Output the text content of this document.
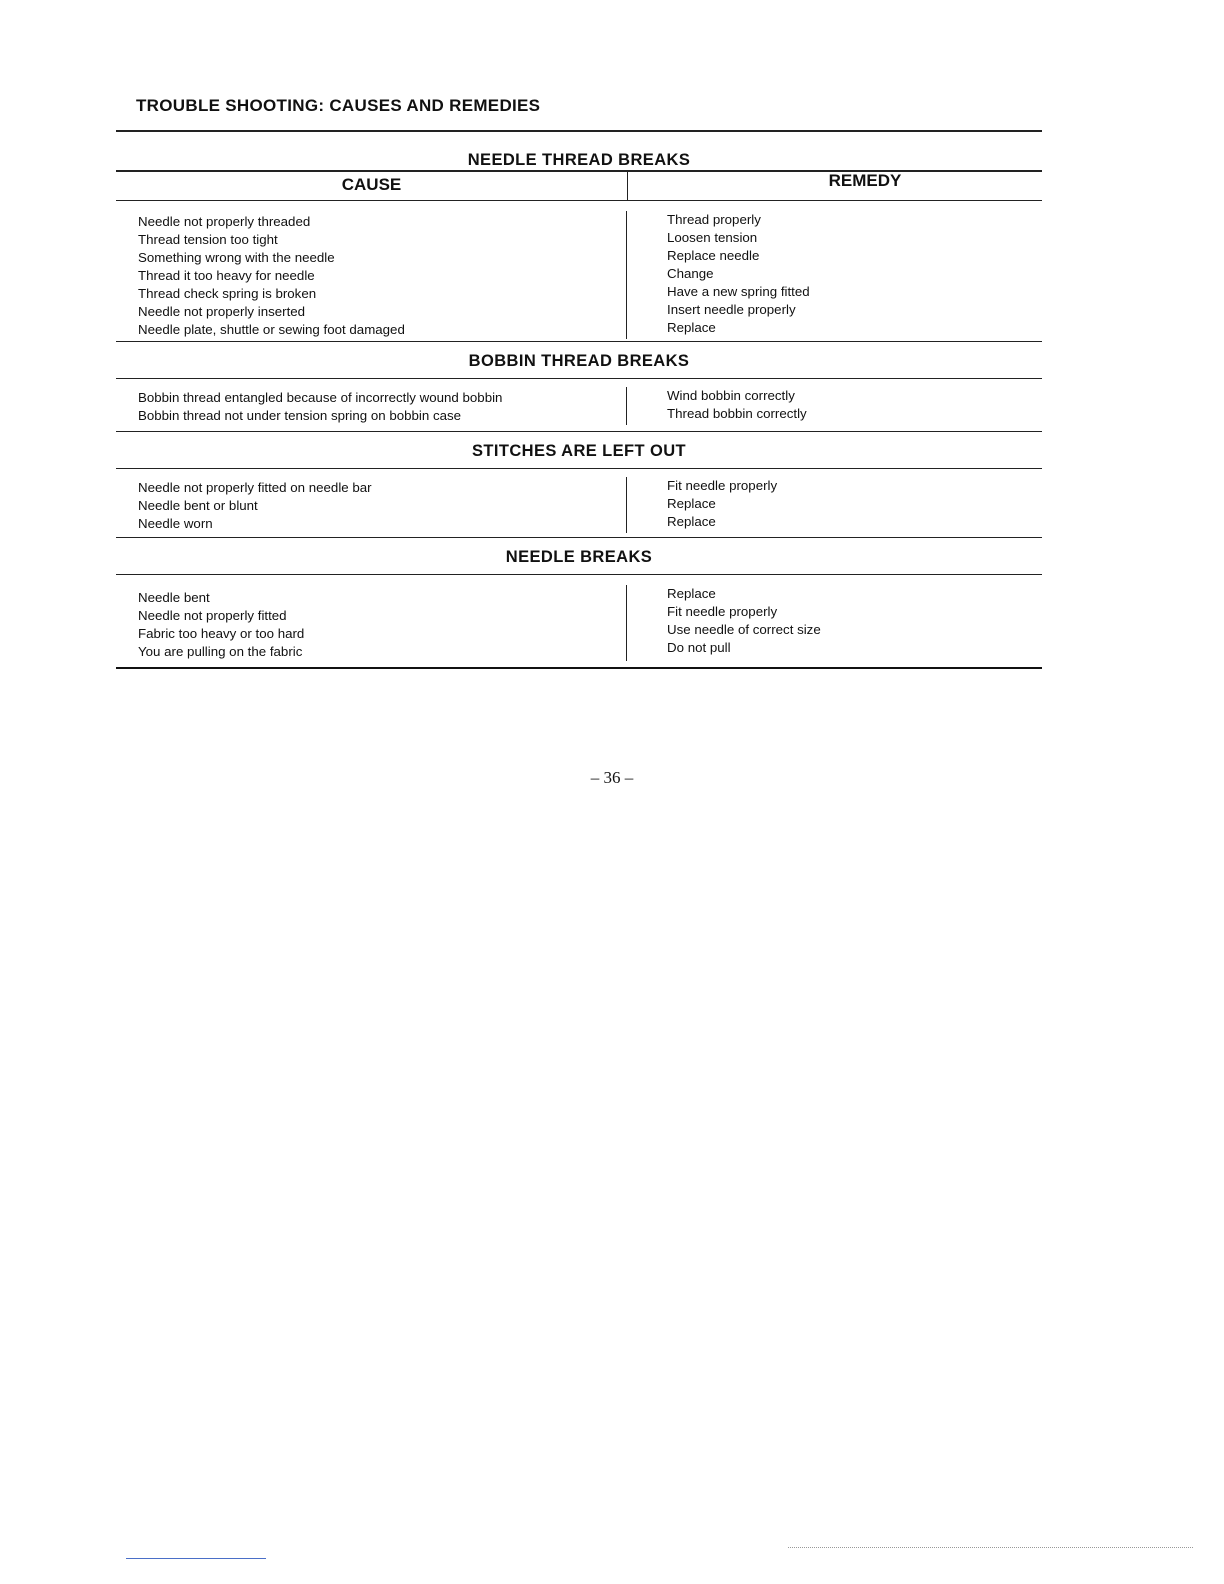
TROUBLE SHOOTING: CAUSES AND REMEDIES
NEEDLE THREAD BREAKS
CAUSE	REMEDY
Needle not properly threaded
Thread tension too tight
Something wrong with the needle
Thread it too heavy for needle
Thread check spring is broken
Needle not properly inserted
Needle plate, shuttle or sewing foot damaged
Thread properly
Loosen tension
Replace needle
Change
Have a new spring fitted
Insert needle properly
Replace
BOBBIN THREAD BREAKS
Bobbin thread entangled because of incorrectly wound bobbin
Bobbin thread not under tension spring on bobbin case
Wind bobbin correctly
Thread bobbin correctly
STITCHES ARE LEFT OUT
Needle not properly fitted on needle bar
Needle bent or blunt
Needle worn
Fit needle properly
Replace
Replace
NEEDLE BREAKS
Needle bent
Needle not properly fitted
Fabric too heavy or too hard
You are pulling on the fabric
Replace
Fit needle properly
Use needle of correct size
Do not pull
– 36 –
